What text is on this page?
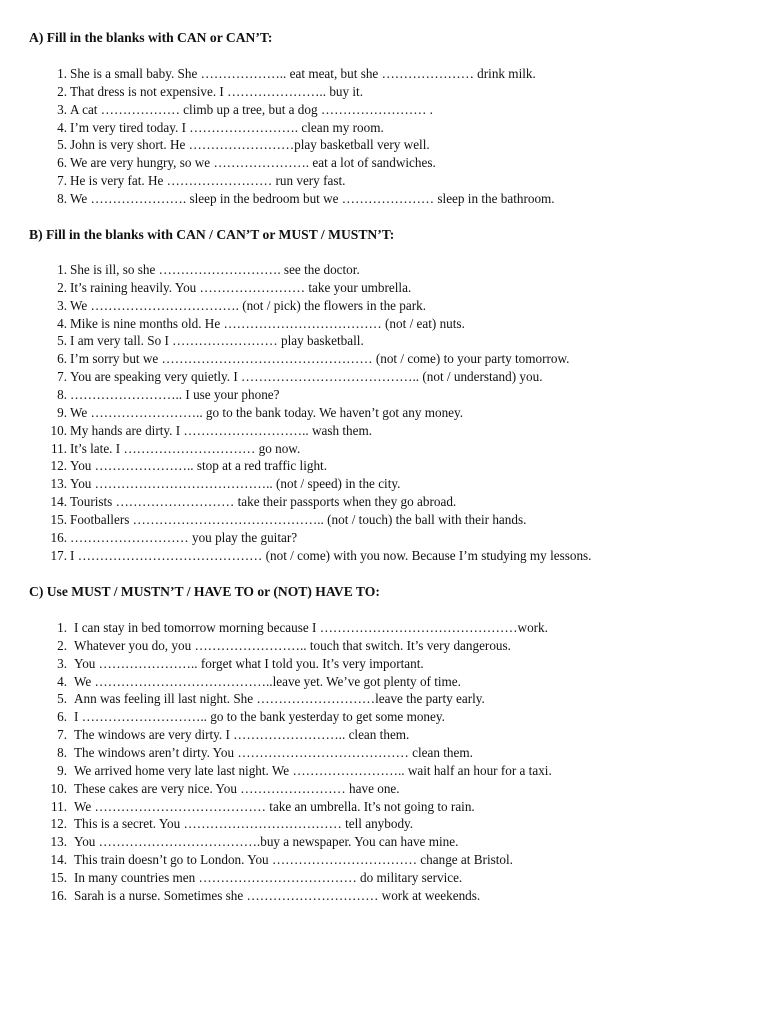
A) Fill in the blanks with CAN or CAN’T:
1. She is a small baby. She ……………….. eat meat, but she ………………… drink milk.
2. That dress is not expensive. I ………………….. buy it.
3. A cat ……………… climb up a tree, but a dog …………………… .
4. I’m very tired today. I ……………………. clean my room.
5. John is very short. He ……………………play basketball very well.
6. We are very hungry, so we …………………. eat a lot of sandwiches.
7. He is very fat. He …………………… run very fast.
8. We …………………. sleep in the bedroom but we ………………… sleep in the bathroom.
B) Fill in the blanks with CAN / CAN’T or MUST / MUSTN’T:
1. She is ill, so she ………………………. see the doctor.
2. It’s raining heavily. You …………………… take your umbrella.
3. We ……………………………. (not / pick) the flowers in the park.
4. Mike is nine months old. He ……………………………… (not / eat) nuts.
5. I am very tall. So I …………………… play basketball.
6. I’m sorry but we ………………………………………… (not / come) to your party tomorrow.
7. You are speaking very quietly. I ………………………………….. (not / understand) you.
8. …………………….. I use your phone?
9. We …………………….. go to the bank today. We haven’t got any money.
10. My hands are dirty. I ……………………….. wash them.
11. It’s late. I ………………………… go now.
12. You ………………….. stop at a red traffic light.
13. You ………………………………….. (not / speed) in the city.
14. Tourists ……………………… take their passports when they go abroad.
15. Footballers …………………………………….. (not / touch) the ball with their hands.
16. ……………………… you play the guitar?
17. I …………………………………… (not / come) with you now. Because I’m studying my lessons.
C) Use MUST / MUSTN’T / HAVE TO or (NOT) HAVE TO:
1. I can stay in bed tomorrow morning because I ………………………………………work.
2. Whatever you do, you …………………….. touch that switch. It’s very dangerous.
3. You ………………….. forget what I told you. It’s very important.
4. We …………………………………..leave yet. We’ve got plenty of time.
5. Ann was feeling ill last night. She ………………………leave the party early.
6. I ……………………….. go to the bank yesterday to get some money.
7. The windows are very dirty. I …………………….. clean them.
8. The windows aren’t dirty. You ………………………………… clean them.
9. We arrived home very late last night. We …………………….. wait half an hour for a taxi.
10. These cakes are very nice. You …………………… have one.
11. We ………………………………… take an umbrella. It’s not going to rain.
12. This is a secret. You ……………………………… tell anybody.
13. You ……………………………….buy a newspaper. You can have mine.
14. This train doesn’t go to London. You …………………………… change at Bristol.
15. In many countries men ……………………………… do military service.
16. Sarah is a nurse. Sometimes she ………………………… work at weekends.
